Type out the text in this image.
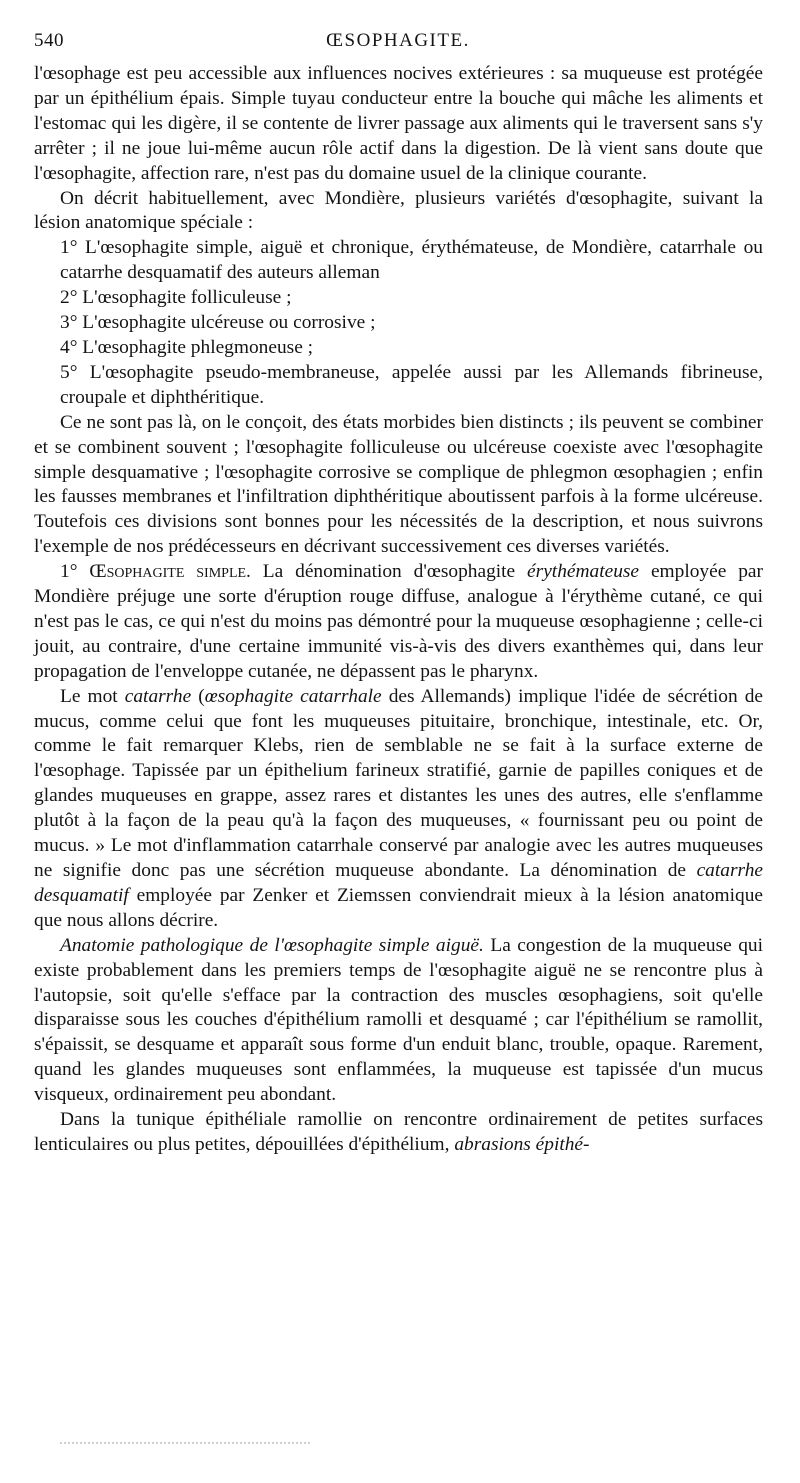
540	ŒSOPHAGITE.

l'œsophage est peu accessible aux influences nocives extérieures : sa muqueuse est protégée par un épithélium épais. Simple tuyau conducteur entre la bouche qui mâche les aliments et l'estomac qui les digère, il se contente de livrer passage aux aliments qui le traversent sans s'y arrêter ; il ne joue lui-même aucun rôle actif dans la digestion. De là vient sans doute que l'œsophagite, affection rare, n'est pas du domaine usuel de la clinique courante.

On décrit habituellement, avec Mondière, plusieurs variétés d'œsophagite, suivant la lésion anatomique spéciale :

1° L'œsophagite simple, aiguë et chronique, érythémateuse, de Mondière, catarrhale ou catarrhe desquamatif des auteurs alleman
2° L'œsophagite folliculeuse ;
3° L'œsophagite ulcéreuse ou corrosive ;
4° L'œsophagite phlegmoneuse ;
5° L'œsophagite pseudo-membraneuse, appelée aussi par les Allemands fibrineuse, croupale et diphthéritique.

Ce ne sont pas là, on le conçoit, des états morbides bien distincts ; ils peuvent se combiner et se combinent souvent ; l'œsophagite folliculeuse ou ulcéreuse coexiste avec l'œsophagite simple desquamative ; l'œsophagite corrosive se complique de phlegmon œsophagien ; enfin les fausses membranes et l'infiltration diphthéritique aboutissent parfois à la forme ulcéreuse. Toutefois ces divisions sont bonnes pour les nécessités de la description, et nous suivrons l'exemple de nos prédécesseurs en décrivant successivement ces diverses variétés.

1° Œsophagite simple. La dénomination d'œsophagite érythémateuse employée par Mondière préjuge une sorte d'éruption rouge diffuse, analogue à l'érythème cutané, ce qui n'est pas le cas, ce qui n'est du moins pas démontré pour la muqueuse œsophagienne ; celle-ci jouit, au contraire, d'une certaine immunité vis-à-vis des divers exanthèmes qui, dans leur propagation de l'enveloppe cutanée, ne dépassent pas le pharynx.

Le mot catarrhe (œsophagite catarrhale des Allemands) implique l'idée de sécrétion de mucus, comme celui que font les muqueuses pituitaire, bronchique, intestinale, etc. Or, comme le fait remarquer Klebs, rien de semblable ne se fait à la surface externe de l'œsophage. Tapissée par un épithelium farineux stratifié, garnie de papilles coniques et de glandes muqueuses en grappe, assez rares et distantes les unes des autres, elle s'enflamme plutôt à la façon de la peau qu'à la façon des muqueuses, « fournissant peu ou point de mucus. » Le mot d'inflammation catarrhale conservé par analogie avec les autres muqueuses ne signifie donc pas une sécrétion muqueuse abondante. La dénomination de catarrhe desquamatif employée par Zenker et Ziemssen conviendrait mieux à la lésion anatomique que nous allons décrire.

Anatomie pathologique de l'œsophagite simple aiguë. La congestion de la muqueuse qui existe probablement dans les premiers temps de l'œsophagite aiguë ne se rencontre plus à l'autopsie, soit qu'elle s'efface par la contraction des muscles œsophagiens, soit qu'elle disparaisse sous les couches d'épithélium ramolli et desquamé ; car l'épithélium se ramollit, s'épaissit, se desquame et apparaît sous forme d'un enduit blanc, trouble, opaque. Rarement, quand les glandes muqueuses sont enflammées, la muqueuse est tapissée d'un mucus visqueux, ordinairement peu abondant.

Dans la tunique épithéliale ramollie on rencontre ordinairement de petites surfaces lenticulaires ou plus petites, dépouillées d'épithélium, abrasions épithé-
